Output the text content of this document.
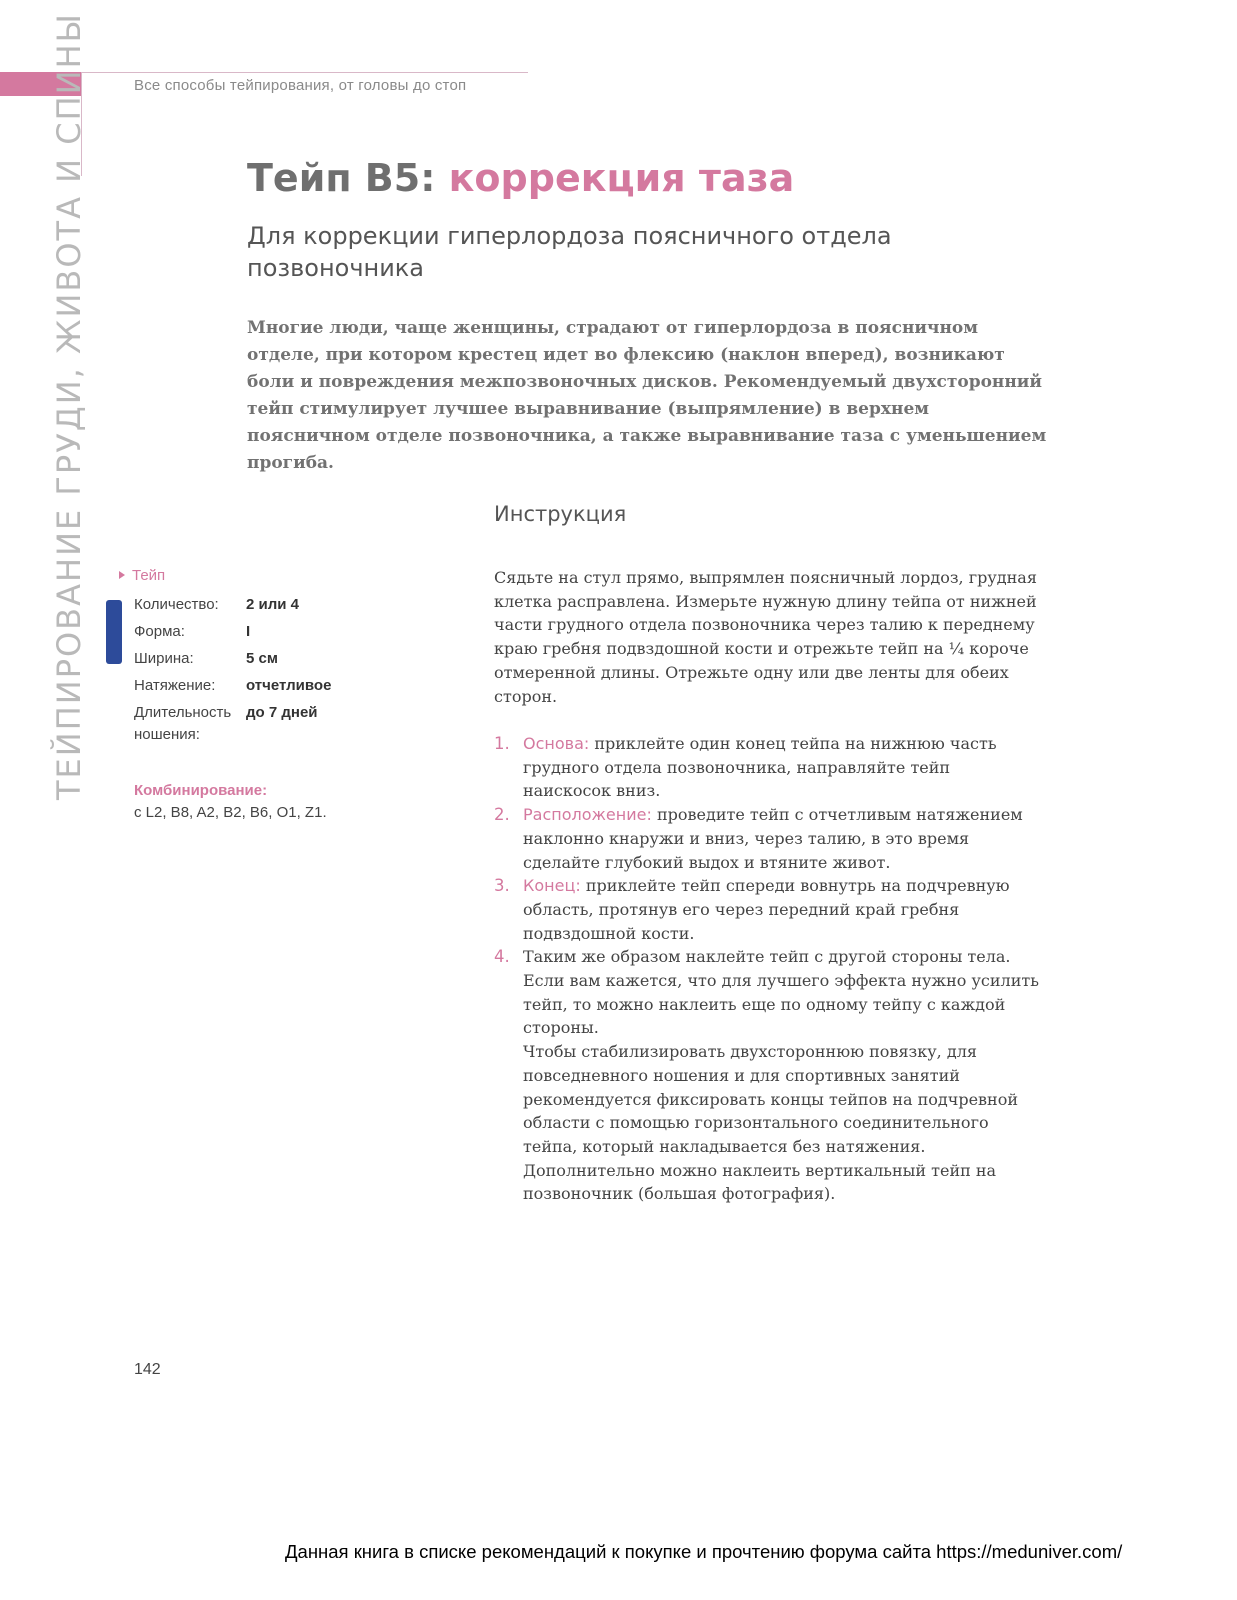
Все способы тейпирования, от головы до стоп
ТЕЙПИРОВАНИЕ ГРУДИ, ЖИВОТА И СПИНЫ	Тейп B5: коррекция таза
Для коррекции гиперлордоза поясничного отдела позвоночника
Многие люди, чаще женщины, страдают от гиперлордоза в поясничном отделе, при котором крестец идет во флексию (наклон вперед), возникают боли и повреждения межпозвоночных дисков. Рекомендуемый двухсторонний тейп стимулирует лучшее выравнивание (выпрямление) в верхнем поясничном отделе позвоночника, а также выравнивание таза с уменьшением прогиба.
Тейп
Количество:	2 или 4
Форма:	I
Ширина:	5 см
Натяжение:	отчетливое
Длительность ношения:
до 7 дней
Комбинирование:
с L2, B8, A2, B2, B6, O1, Z1.
Инструкция
Сядьте на стул прямо, выпрямлен поясничный лордоз, грудная клетка расправлена. Измерьте нужную длину тейпа от нижней части грудного отдела позвоночника через талию к переднему краю гребня подвздошной кости и отрежьте тейп на ¼ короче отмеренной длины. Отрежьте одну или две ленты для обеих сторон.
1. Основа: приклейте один конец тейпа на нижнюю часть грудного отдела позвоночника, направляйте тейп наискосок вниз.
2. Расположение: проведите тейп с отчетливым натяжением наклонно кнаружи и вниз, через талию, в это время сделайте глубокий выдох и втяните живот.
3. Конец: приклейте тейп спереди вовнутрь на подчревную область, протянув его через передний край гребня подвздошной кости.
4. Таким же образом наклейте тейп с другой стороны тела. Если вам кажется, что для лучшего эффекта нужно усилить тейп, то можно наклеить еще по одному тейпу с каждой стороны.
Чтобы стабилизировать двухстороннюю повязку, для повседневного ношения и для спортивных занятий рекомендуется фиксировать концы тейпов на подчревной области с помощью горизонтального соединительного тейпа, который накладывается без натяжения. Дополнительно можно наклеить вертикальный тейп на позвоночник (большая фотография).
142
Данная книга в списке рекомендаций к покупке и прочтению форума сайта https://meduniver.com/
